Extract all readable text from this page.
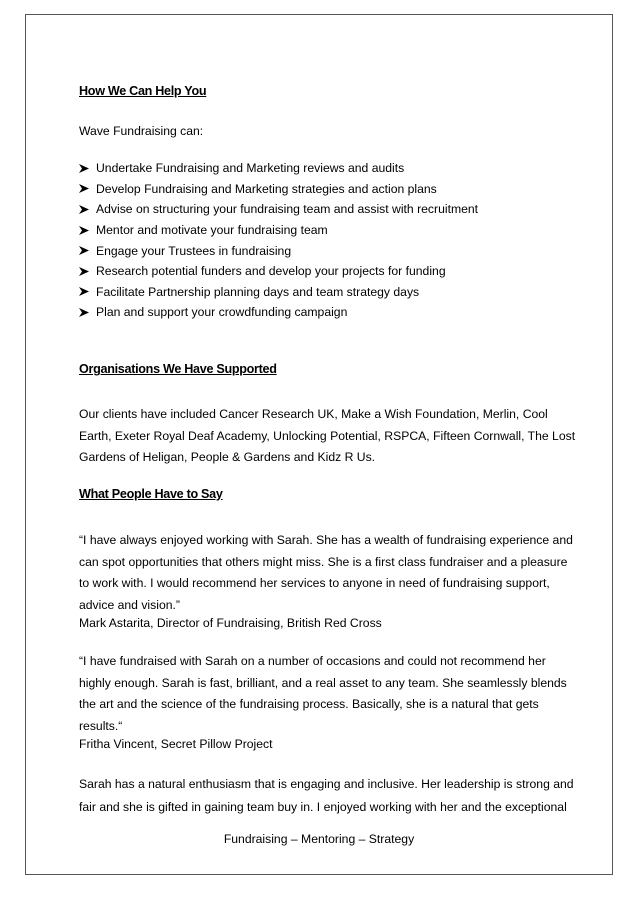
How We Can Help You
Wave Fundraising can:
Undertake Fundraising and Marketing reviews and audits
Develop Fundraising and Marketing strategies and action plans
Advise on structuring your fundraising team and assist with recruitment
Mentor and motivate your fundraising team
Engage your Trustees in fundraising
Research potential funders and develop your projects for funding
Facilitate Partnership planning days and team strategy days
Plan and support your crowdfunding campaign
Organisations We Have Supported
Our clients have included Cancer Research UK, Make a Wish Foundation, Merlin, Cool
Earth, Exeter Royal Deaf Academy, Unlocking Potential, RSPCA, Fifteen Cornwall, The Lost
Gardens of Heligan, People & Gardens and Kidz R Us.
What People Have to Say
“I have always enjoyed working with Sarah. She has a wealth of fundraising experience and
can spot opportunities that others might miss. She is a first class fundraiser and a pleasure
to work with. I would recommend her services to anyone in need of fundraising support,
advice and vision.”
Mark Astarita, Director of Fundraising, British Red Cross
“I have fundraised with Sarah on a number of occasions and could not recommend her
highly enough. Sarah is fast, brilliant, and a real asset to any team. She seamlessly blends
the art and the science of the fundraising process. Basically, she is a natural that gets
results.“
Fritha Vincent, Secret Pillow Project
Sarah has a natural enthusiasm that is engaging and inclusive. Her leadership is strong and
fair and she is gifted in gaining team buy in. I enjoyed working with her and the exceptional
Fundraising – Mentoring – Strategy
